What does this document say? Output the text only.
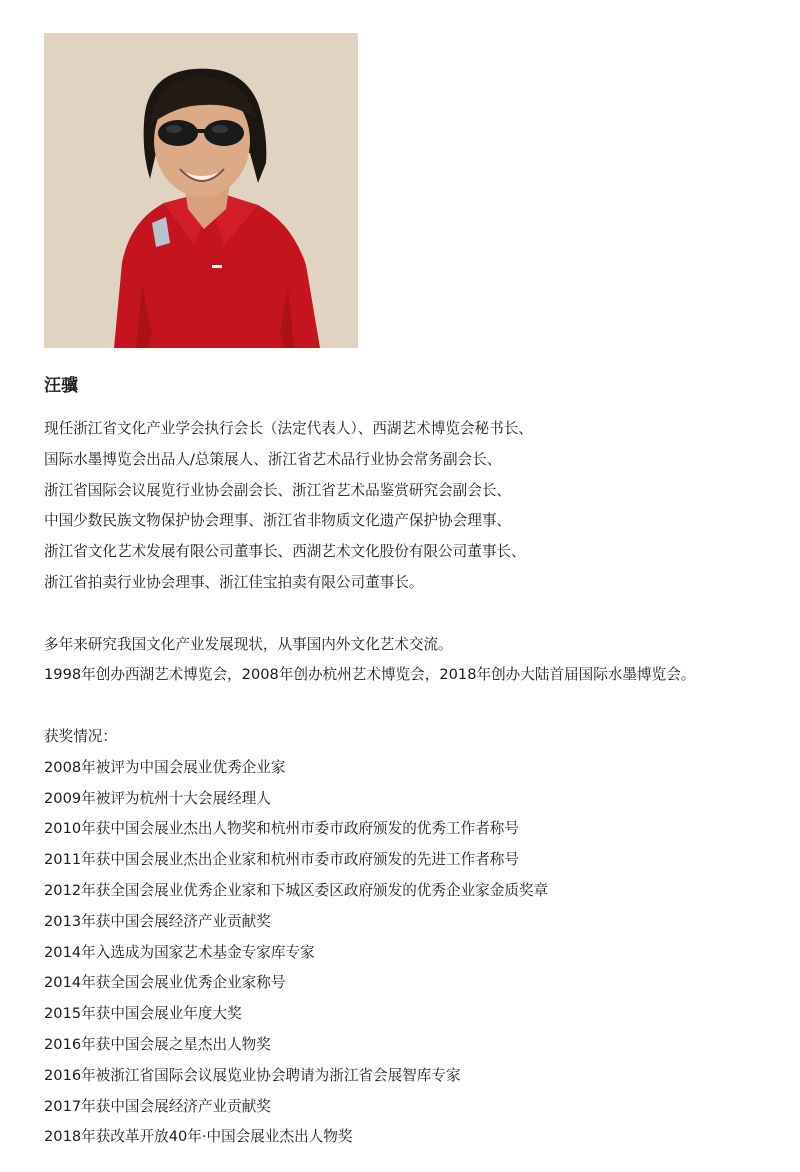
汪骥
现任浙江省文化产业学会执行会长（法定代表人）、西湖艺术博览会秘书长、
国际水墨博览会出品人/总策展人、浙江省艺术品行业协会常务副会长、
浙江省国际会议展览行业协会副会长、浙江省艺术品鉴赏研究会副会长、
中国少数民族文物保护协会理事、浙江省非物质文化遗产保护协会理事、
浙江省文化艺术发展有限公司董事长、西湖艺术文化股份有限公司董事长、
浙江省拍卖行业协会理事、浙江佳宝拍卖有限公司董事长。
多年来研究我国文化产业发展现状，从事国内外文化艺术交流。
1998年创办西湖艺术博览会，2008年创办杭州艺术博览会，2018年创办大陆首届国际水墨博览会。
获奖情况：
2008年被评为中国会展业优秀企业家
2009年被评为杭州十大会展经理人
2010年获中国会展业杰出人物奖和杭州市委市政府颁发的优秀工作者称号
2011年获中国会展业杰出企业家和杭州市委市政府颁发的先进工作者称号
2012年获全国会展业优秀企业家和下城区委区政府颁发的优秀企业家金质奖章
2013年获中国会展经济产业贡献奖
2014年入选成为国家艺术基金专家库专家
2014年获全国会展业优秀企业家称号
2015年获中国会展业年度大奖
2016年获中国会展之星杰出人物奖
2016年被浙江省国际会议展览业协会聘请为浙江省会展智库专家
2017年获中国会展经济产业贡献奖
2018年获改革开放40年·中国会展业杰出人物奖
